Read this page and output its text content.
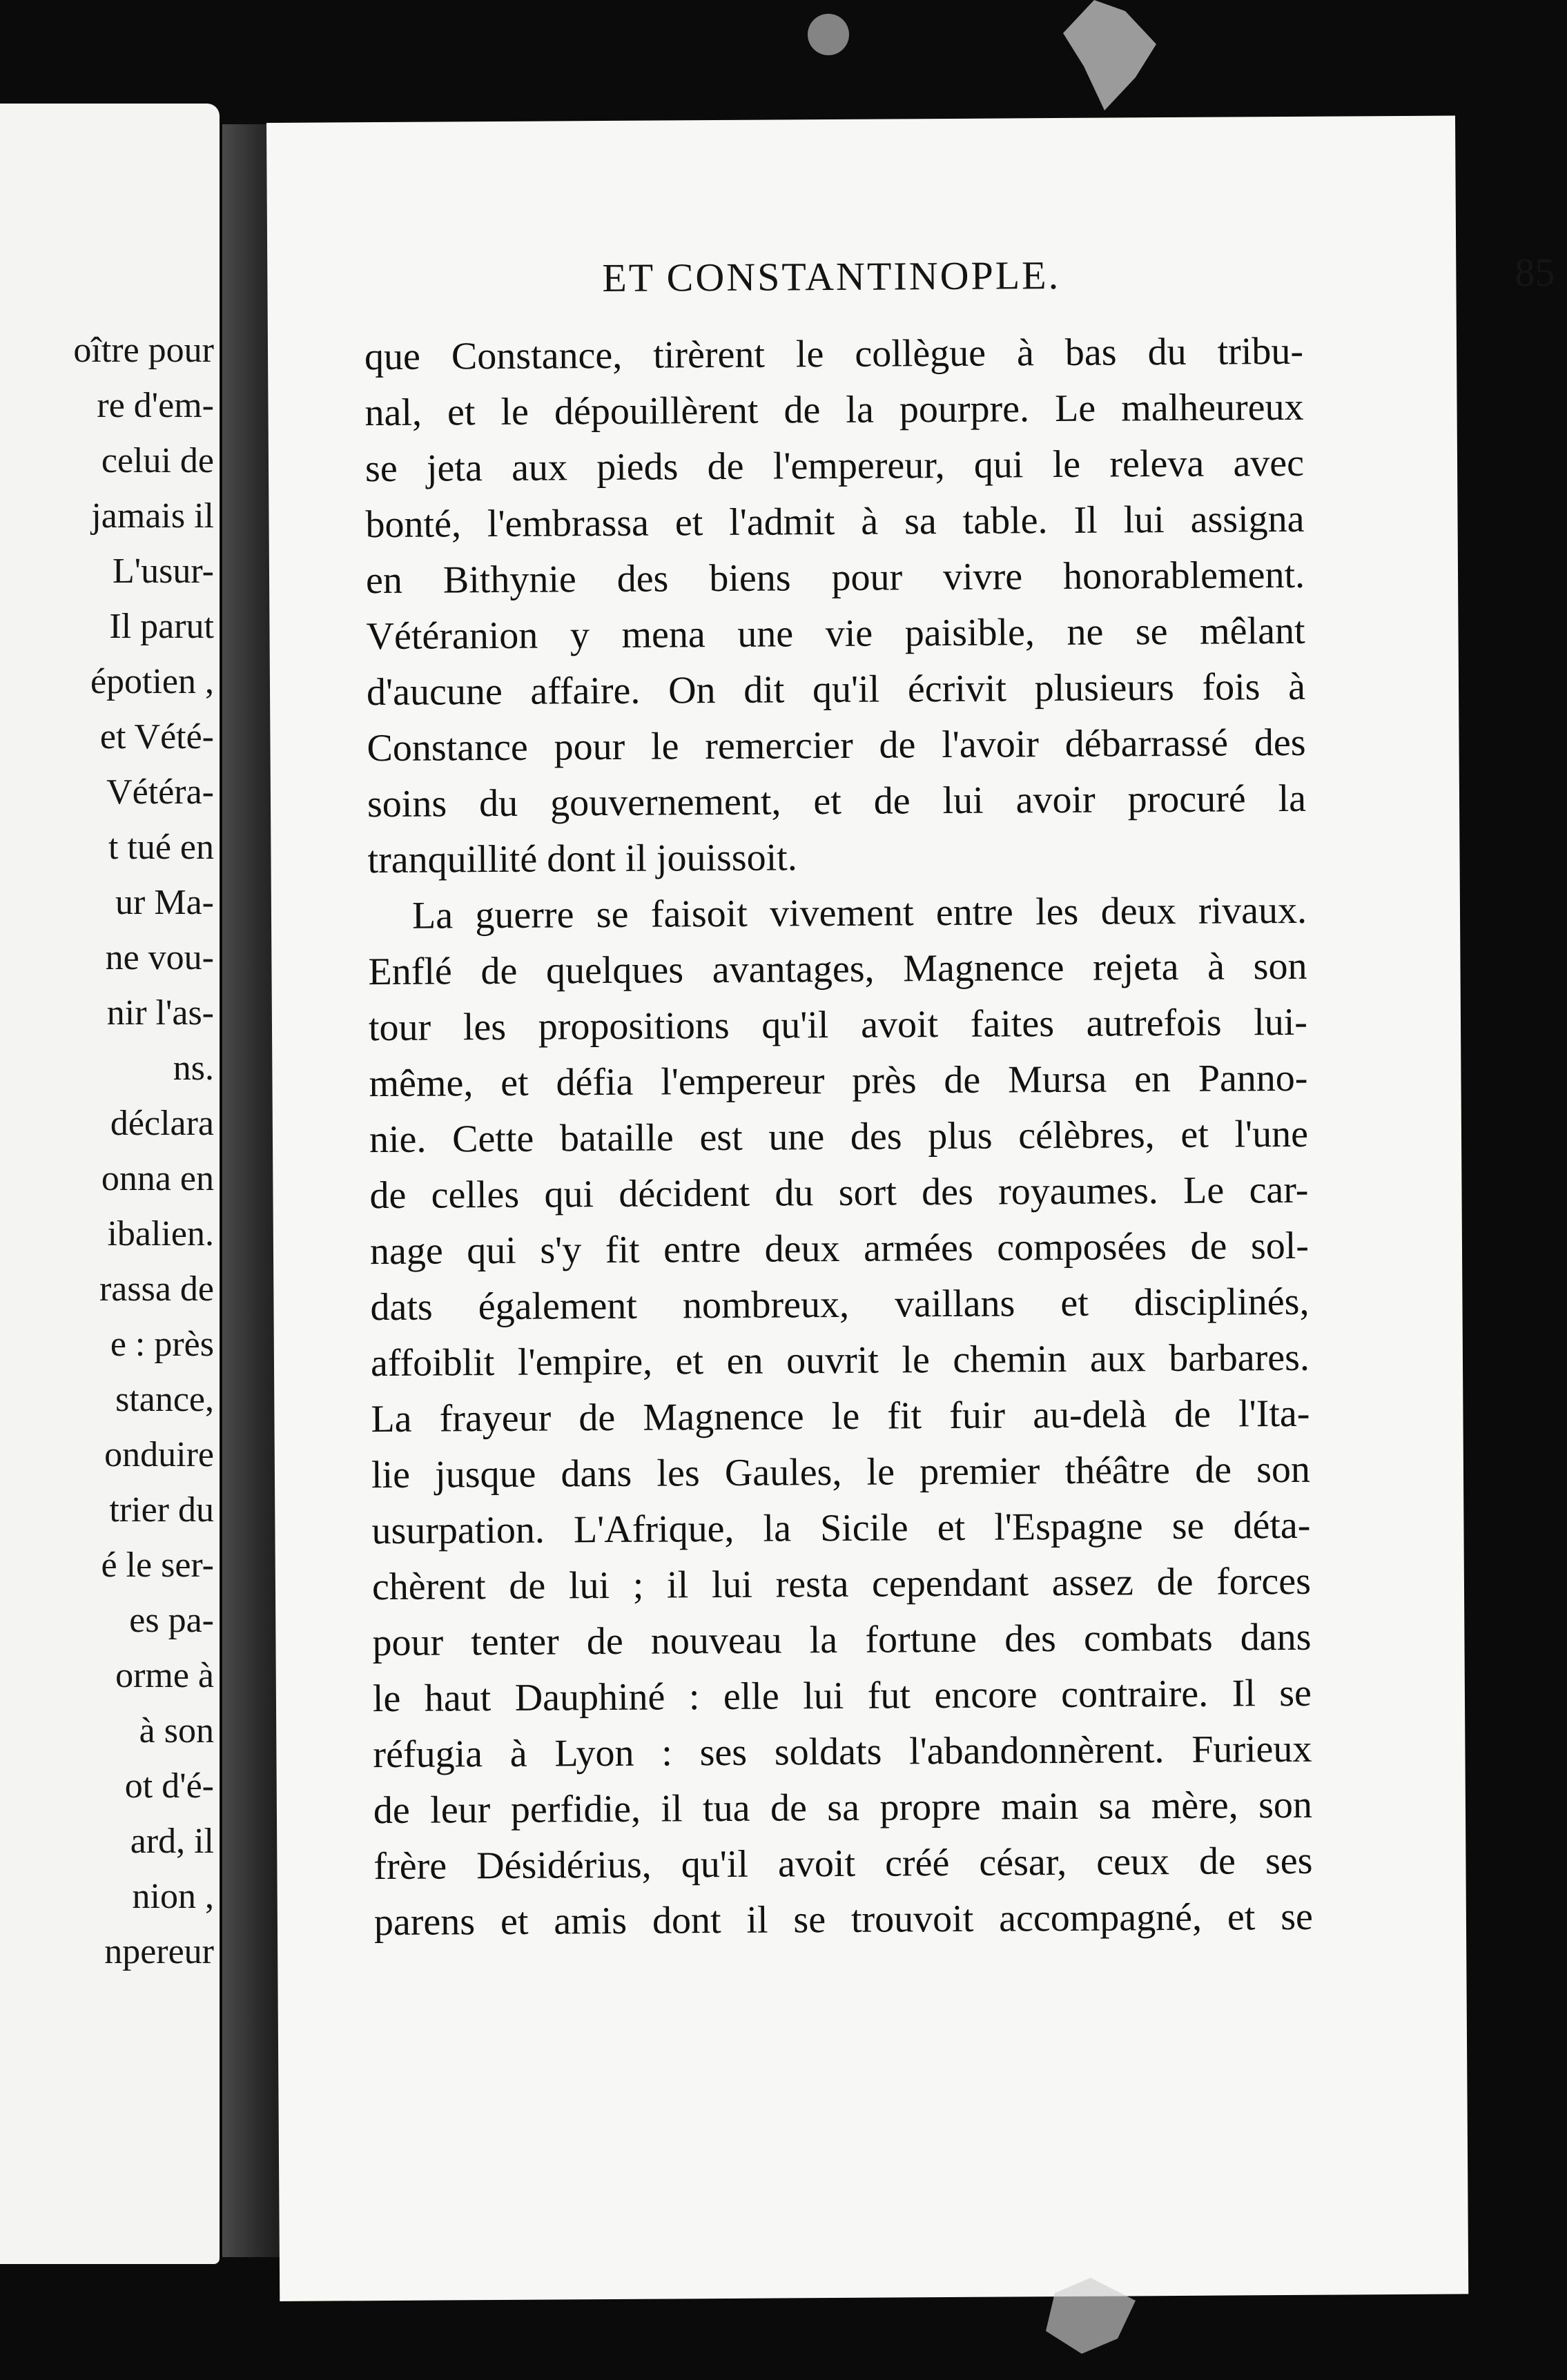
oître pour
re d'em-
celui de
jamais il
L'usur-
Il parut
épotien ,
et Vété-
Vétéra-
t tué en
ur Ma-
ne vou-
nir l'as-
ns.
déclara
onna en
ibalien.
rassa de
e : près
stance,
onduire
trier du
é le ser-
es pa-
orme à
à son
ot d'é-
ard, il
nion ,
npereur
ET CONSTANTINOPLE.	85
que Constance, tirèrent le collègue à bas du tribu-
nal, et le dépouillèrent de la pourpre. Le malheureux
se jeta aux pieds de l'empereur, qui le releva avec
bonté, l'embrassa et l'admit à sa table. Il lui assigna
en Bithynie des biens pour vivre honorablement.
Vétéranion y mena une vie paisible, ne se mêlant
d'aucune affaire. On dit qu'il écrivit plusieurs fois à
Constance pour le remercier de l'avoir débarrassé des
soins du gouvernement, et de lui avoir procuré la
tranquillité dont il jouissoit.
La guerre se faisoit vivement entre les deux rivaux.
Enflé de quelques avantages, Magnence rejeta à son
tour les propositions qu'il avoit faites autrefois lui-
même, et défia l'empereur près de Mursa en Panno-
nie. Cette bataille est une des plus célèbres, et l'une
de celles qui décident du sort des royaumes. Le car-
nage qui s'y fit entre deux armées composées de sol-
dats également nombreux, vaillans et disciplinés,
affoiblit l'empire, et en ouvrit le chemin aux barbares.
La frayeur de Magnence le fit fuir au-delà de l'Ita-
lie jusque dans les Gaules, le premier théâtre de son
usurpation. L'Afrique, la Sicile et l'Espagne se déta-
chèrent de lui ; il lui resta cependant assez de forces
pour tenter de nouveau la fortune des combats dans
le haut Dauphiné : elle lui fut encore contraire. Il se
réfugia à Lyon : ses soldats l'abandonnèrent. Furieux
de leur perfidie, il tua de sa propre main sa mère, son
frère Désidérius, qu'il avoit créé césar, ceux de ses
parens et amis dont il se trouvoit accompagné, et se
